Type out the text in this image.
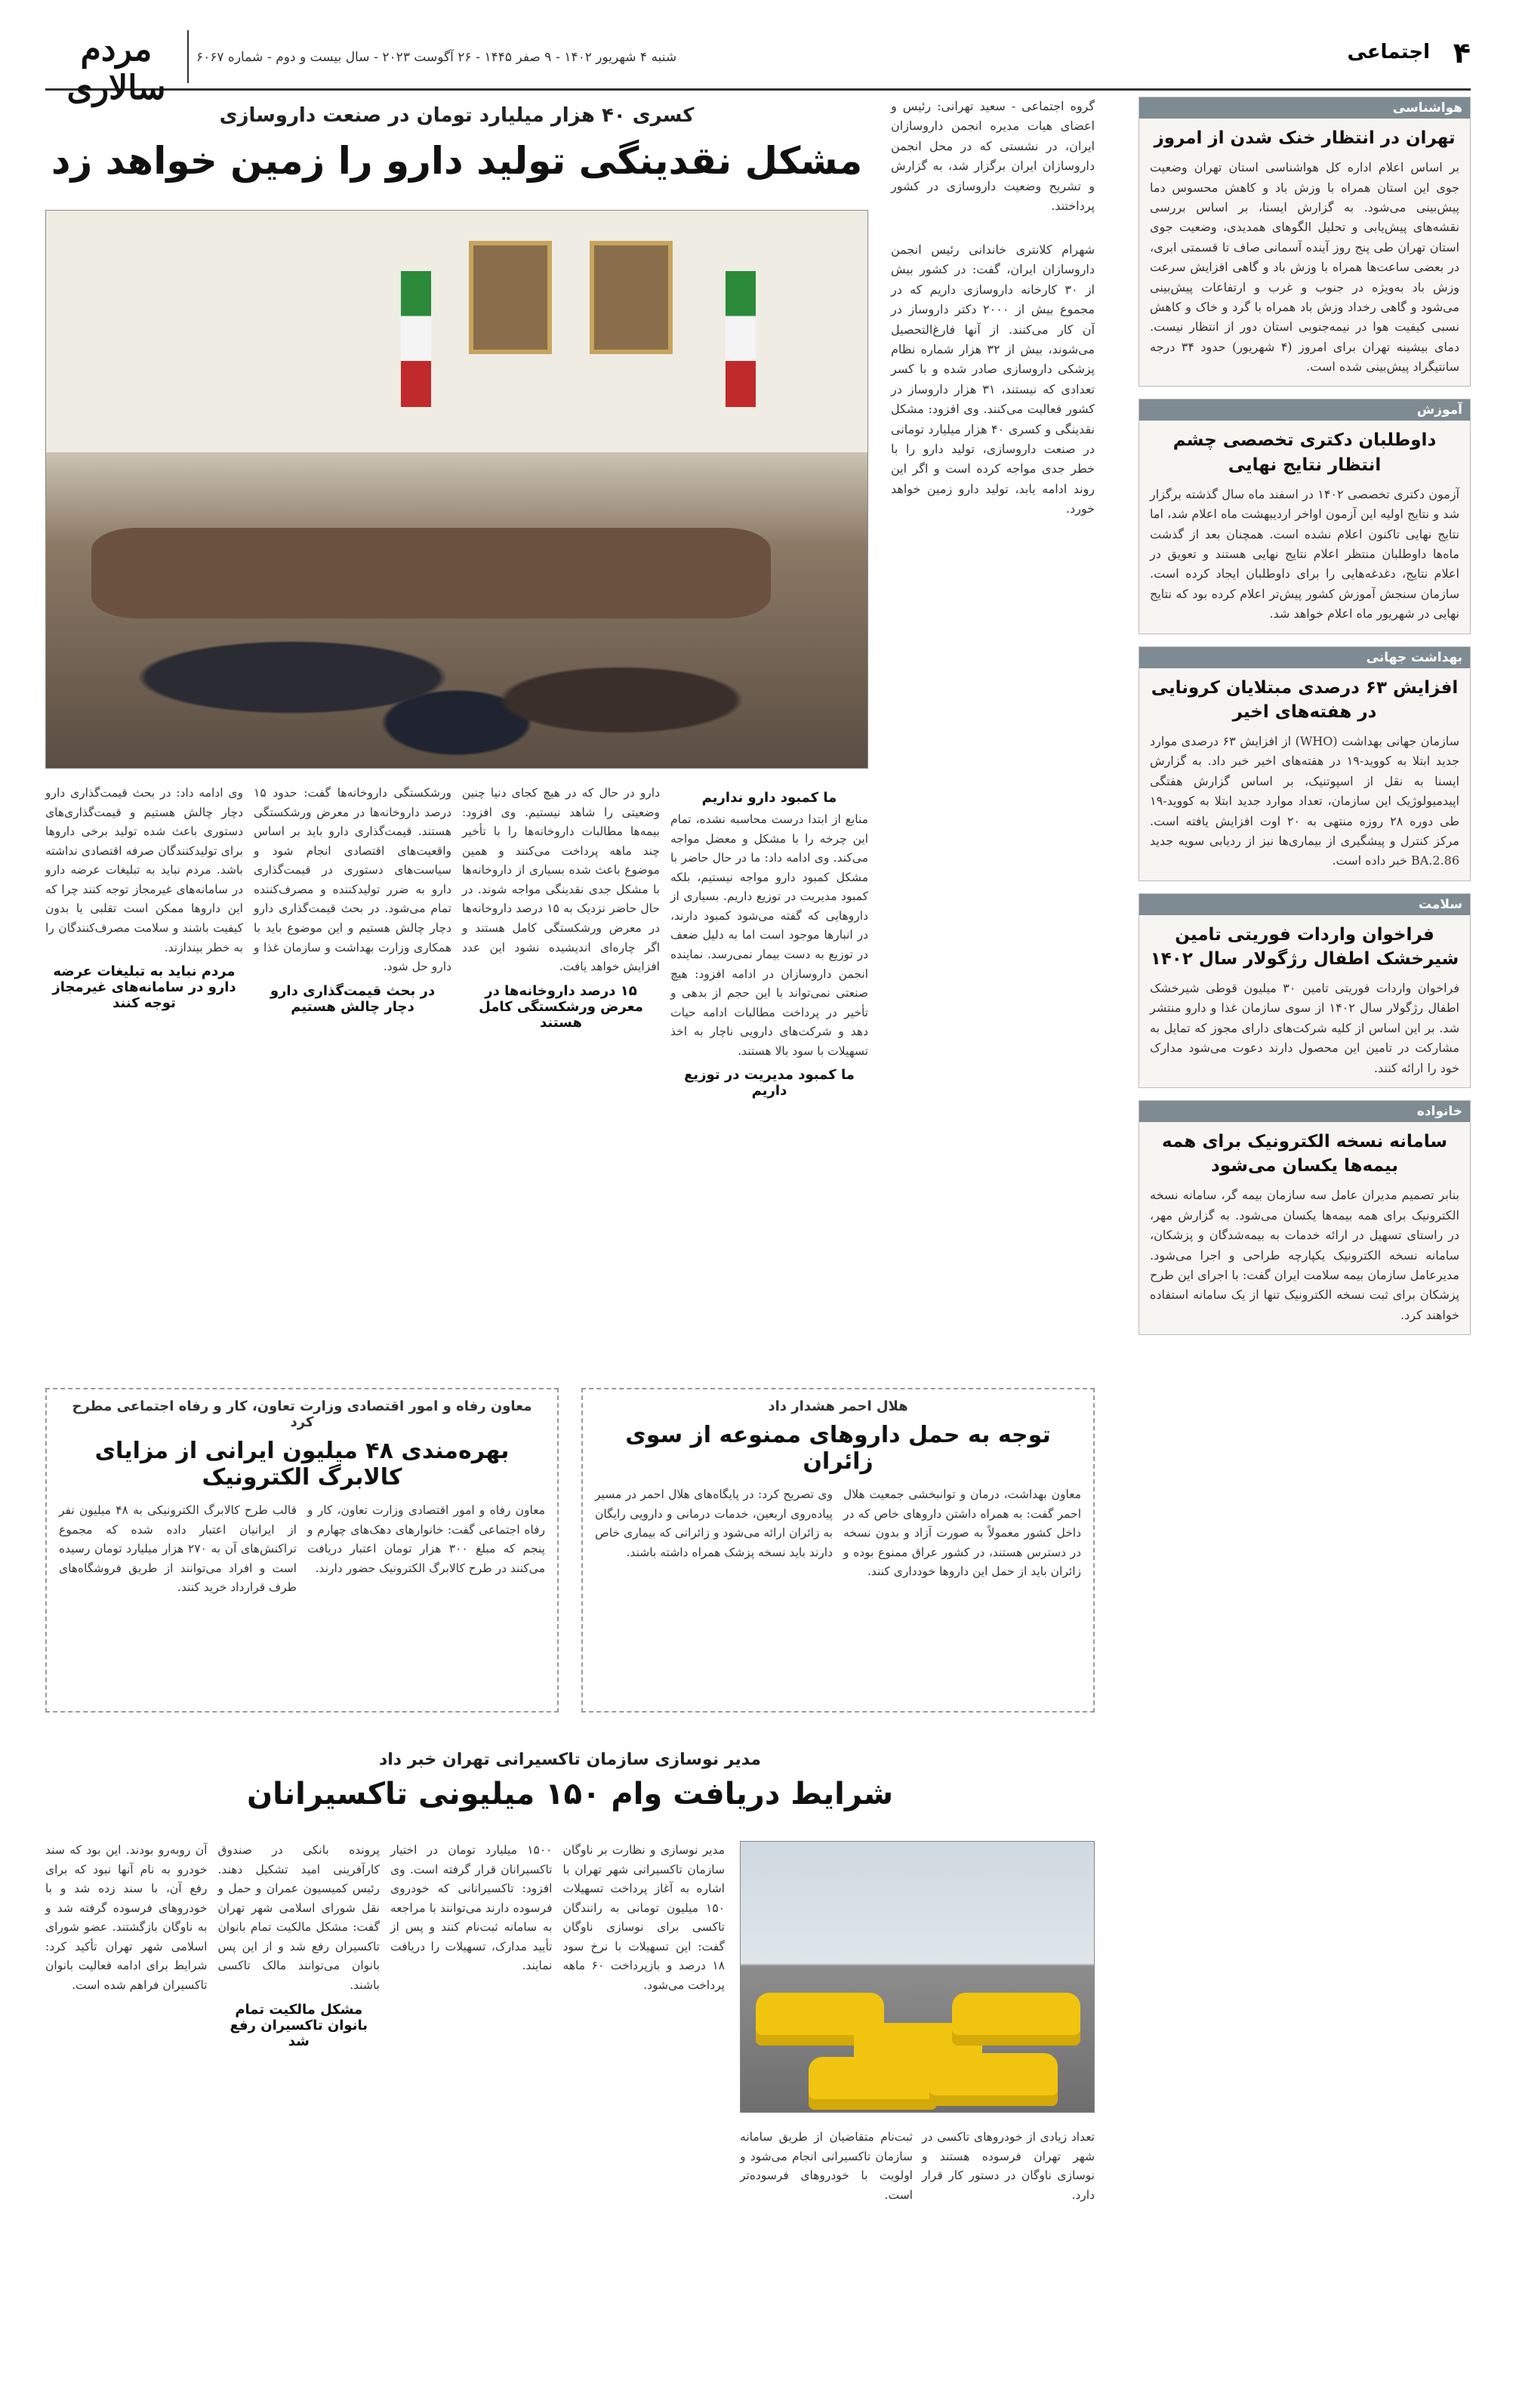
۴
اجتماعی
مردم سالاری
شنبه ۴ شهریور ۱۴۰۲ - ۹ صفر ۱۴۴۵ - ۲۶ آگوست ۲۰۲۳ - سال بیست و دوم - شماره ۶۰۶۷
هواشناسی
تهران در انتظار خنک شدن از امروز
بر اساس اعلام اداره کل هواشناسی استان تهران وضعیت جوی این استان همراه با وزش باد و کاهش محسوس دما پیش‌بینی می‌شود. به گزارش ایسنا، بر اساس بررسی نقشه‌های پیش‌یابی و تحلیل الگوهای همدیدی، وضعیت جوی استان تهران طی پنج روز آینده آسمانی صاف تا قسمتی ابری، در بعضی ساعت‌ها همراه با وزش باد و گاهی افزایش سرعت وزش باد به‌ویژه در جنوب و غرب و ارتفاعات پیش‌بینی می‌شود و گاهی رخداد وزش باد همراه با گرد و خاک و کاهش نسبی کیفیت هوا در نیمه‌جنوبی استان دور از انتظار نیست. دمای بیشینه تهران برای امروز (۴ شهریور) حدود ۳۴ درجه سانتیگراد پیش‌بینی شده است.
آموزش
داوطلبان دکتری تخصصی چشم انتظار نتایج نهایی
آزمون دکتری تخصصی ۱۴۰۲ در اسفند ماه سال گذشته برگزار شد و نتایج اولیه این آزمون اواخر اردیبهشت ماه اعلام شد، اما نتایج نهایی تاکنون اعلام نشده است. همچنان بعد از گذشت ماه‌ها داوطلبان منتظر اعلام نتایج نهایی هستند و تعویق در اعلام نتایج، دغدغه‌هایی را برای داوطلبان ایجاد کرده است. سازمان سنجش آموزش کشور پیش‌تر اعلام کرده بود که نتایج نهایی در شهریور ماه اعلام خواهد شد.
بهداشت جهانی
افزایش ۶۳ درصدی مبتلایان کرونایی در هفته‌های اخیر
سازمان جهانی بهداشت (WHO) از افزایش ۶۳ درصدی موارد جدید ابتلا به کووید-۱۹ در هفته‌های اخیر خبر داد. به گزارش ایسنا به نقل از اسپوتنیک، بر اساس گزارش هفتگی اپیدمیولوژیک این سازمان، تعداد موارد جدید ابتلا به کووید-۱۹ طی دوره ۲۸ روزه منتهی به ۲۰ اوت افزایش یافته است. مرکز کنترل و پیشگیری از بیماری‌ها نیز از ردیابی سویه جدید BA.2.86 خبر داده است.
سلامت
فراخوان واردات فوریتی تامین شیرخشک اطفال رژگولار سال ۱۴۰۲
فراخوان واردات فوریتی تامین ۳۰ میلیون قوطی شیرخشک اطفال رژگولار سال ۱۴۰۲ از سوی سازمان غذا و دارو منتشر شد. بر این اساس از کلیه شرکت‌های دارای مجوز که تمایل به مشارکت در تامین این محصول دارند دعوت می‌شود مدارک خود را ارائه کنند.
خانواده
سامانه نسخه الکترونیک برای همه بیمه‌ها یکسان می‌شود
بنابر تصمیم مدیران عامل سه سازمان بیمه گر، سامانه نسخه الکترونیک برای همه بیمه‌ها یکسان می‌شود. به گزارش مهر، در راستای تسهیل در ارائه خدمات به بیمه‌شدگان و پزشکان، سامانه نسخه الکترونیک یکپارچه طراحی و اجرا می‌شود. مدیرعامل سازمان بیمه سلامت ایران گفت: با اجرای این طرح پزشکان برای ثبت نسخه الکترونیک تنها از یک سامانه استفاده خواهند کرد.
گروه اجتماعی - سعید تهرانی: رئیس و اعضای هیات مدیره انجمن داروسازان ایران، در نشستی که در محل انجمن داروسازان ایران برگزار شد، به گزارش و تشریح وضعیت داروسازی در کشور پرداختند.
کسری ۴۰ هزار میلیارد تومان در صنعت داروسازی
مشکل نقدینگی تولید دارو را زمین خواهد زد
شهرام کلانتری خاندانی رئیس انجمن داروسازان ایران، گفت: در کشور بیش از ۳۰ کارخانه داروسازی داریم که در مجموع بیش از ۲۰۰۰ دکتر داروساز در آن کار می‌کنند. از آنها فارغ‌التحصیل می‌شوند، بیش از ۳۲ هزار شماره نظام پزشکی داروسازی صادر شده و با کسر تعدادی که نیستند، ۳۱ هزار داروساز در کشور فعالیت می‌کنند. وی افزود: مشکل نقدینگی و کسری ۴۰ هزار میلیارد تومانی در صنعت داروسازی، تولید دارو را با خطر جدی مواجه کرده است و اگر این روند ادامه یابد، تولید دارو زمین خواهد خورد.
ما کمبود دارو نداریم
منابع از ابتدا درست محاسبه نشده، تمام این چرخه را با مشکل و معضل مواجه می‌کند. وی ادامه داد: ما در حال حاضر با مشکل کمبود دارو مواجه نیستیم، بلکه کمبود مدیریت در توزیع داریم. بسیاری از داروهایی که گفته می‌شود کمبود دارند، در انبارها موجود است اما به دلیل ضعف در توزیع به دست بیمار نمی‌رسد. نماینده انجمن داروسازان در ادامه افزود: هیچ صنعتی نمی‌تواند با این حجم از بدهی و تأخیر در پرداخت مطالبات ادامه حیات دهد و شرکت‌های دارویی ناچار به اخذ تسهیلات با سود بالا هستند.
ما کمبود مدیریت در توزیع داریم
دارو در حال که در هیچ کجای دنیا چنین وضعیتی را شاهد نیستیم. وی افزود: بیمه‌ها مطالبات داروخانه‌ها را با تأخیر چند ماهه پرداخت می‌کنند و همین موضوع باعث شده بسیاری از داروخانه‌ها با مشکل جدی نقدینگی مواجه شوند. در حال حاضر نزدیک به ۱۵ درصد داروخانه‌ها در معرض ورشکستگی کامل هستند و اگر چاره‌ای اندیشیده نشود این عدد افزایش خواهد یافت.
۱۵ درصد داروخانه‌ها در معرض ورشکستگی کامل هستند
ورشکستگی داروخانه‌ها گفت: حدود ۱۵ درصد داروخانه‌ها در معرض ورشکستگی هستند. قیمت‌گذاری دارو باید بر اساس واقعیت‌های اقتصادی انجام شود و سیاست‌های دستوری در قیمت‌گذاری دارو به ضرر تولیدکننده و مصرف‌کننده تمام می‌شود. در بحث قیمت‌گذاری دارو دچار چالش هستیم و این موضوع باید با همکاری وزارت بهداشت و سازمان غذا و دارو حل شود.
در بحث قیمت‌گذاری دارو دچار چالش هستیم
وی ادامه داد: در بحث قیمت‌گذاری دارو دچار چالش هستیم و قیمت‌گذاری‌های دستوری باعث شده تولید برخی داروها برای تولیدکنندگان صرفه اقتصادی نداشته باشد. مردم نباید به تبلیغات عرضه دارو در سامانه‌های غیرمجاز توجه کنند چرا که این داروها ممکن است تقلبی یا بدون کیفیت باشند و سلامت مصرف‌کنندگان را به خطر بیندازند.
مردم نباید به تبلیغات عرضه دارو در سامانه‌های غیرمجاز توجه کنند
هلال احمر هشدار داد
توجه به حمل داروهای ممنوعه از سوی زائران
معاون بهداشت، درمان و توانبخشی جمعیت هلال احمر گفت: به همراه داشتن داروهای خاص که در داخل کشور معمولاً به صورت آزاد و بدون نسخه در دسترس هستند، در کشور عراق ممنوع بوده و زائران باید از حمل این داروها خودداری کنند.
وی تصریح کرد: در پایگاه‌های هلال احمر در مسیر پیاده‌روی اربعین، خدمات درمانی و دارویی رایگان به زائران ارائه می‌شود و زائرانی که بیماری خاص دارند باید نسخه پزشک همراه داشته باشند.
معاون رفاه و امور اقتصادی وزارت تعاون، کار و رفاه اجتماعی مطرح کرد
بهره‌مندی ۴۸ میلیون ایرانی از مزایای کالابرگ الکترونیک
معاون رفاه و امور اقتصادی وزارت تعاون، کار و رفاه اجتماعی گفت: خانوارهای دهک‌های چهارم و پنجم که مبلغ ۳۰۰ هزار تومان اعتبار دریافت می‌کنند در طرح کالابرگ الکترونیک حضور دارند.
قالب طرح کالابرگ الکترونیکی به ۴۸ میلیون نفر از ایرانیان اعتبار داده شده که مجموع تراکنش‌های آن به ۲۷۰ هزار میلیارد تومان رسیده است و افراد می‌توانند از طریق فروشگاه‌های طرف قرارداد خرید کنند.
مدیر نوسازی سازمان تاکسیرانی تهران خبر داد
شرایط دریافت وام ۱۵۰ میلیونی تاکسیرانان
مدیر نوسازی و نظارت بر ناوگان سازمان تاکسیرانی شهر تهران با اشاره به آغاز پرداخت تسهیلات ۱۵۰ میلیون تومانی به رانندگان تاکسی برای نوسازی ناوگان گفت: این تسهیلات با نرخ سود ۱۸ درصد و بازپرداخت ۶۰ ماهه پرداخت می‌شود.
۱۵۰۰ میلیارد تومان در اختیار تاکسیرانان قرار گرفته است. وی افزود: تاکسیرانانی که خودروی فرسوده دارند می‌توانند با مراجعه به سامانه ثبت‌نام کنند و پس از تأیید مدارک، تسهیلات را دریافت نمایند.
پرونده بانکی در صندوق کارآفرینی امید تشکیل دهند. رئیس کمیسیون عمران و حمل و نقل شورای اسلامی شهر تهران گفت: مشکل مالکیت تمام بانوان تاکسیران رفع شد و از این پس بانوان می‌توانند مالک تاکسی باشند.
مشکل مالکیت تمام بانوان تاکسیران رفع شد
آن روبه‌رو بودند. این بود که سند خودرو به نام آنها نبود که برای رفع آن، با سند زده شد و با خودروهای فرسوده گرفته شد و به ناوگان بازگشتند. عضو شورای اسلامی شهر تهران تأکید کرد: شرایط برای ادامه فعالیت بانوان تاکسیران فراهم شده است.
تعداد زیادی از خودروهای تاکسی در شهر تهران فرسوده هستند و نوسازی ناوگان در دستور کار قرار دارد.
ثبت‌نام متقاضیان از طریق سامانه سازمان تاکسیرانی انجام می‌شود و اولویت با خودروهای فرسوده‌تر است.
